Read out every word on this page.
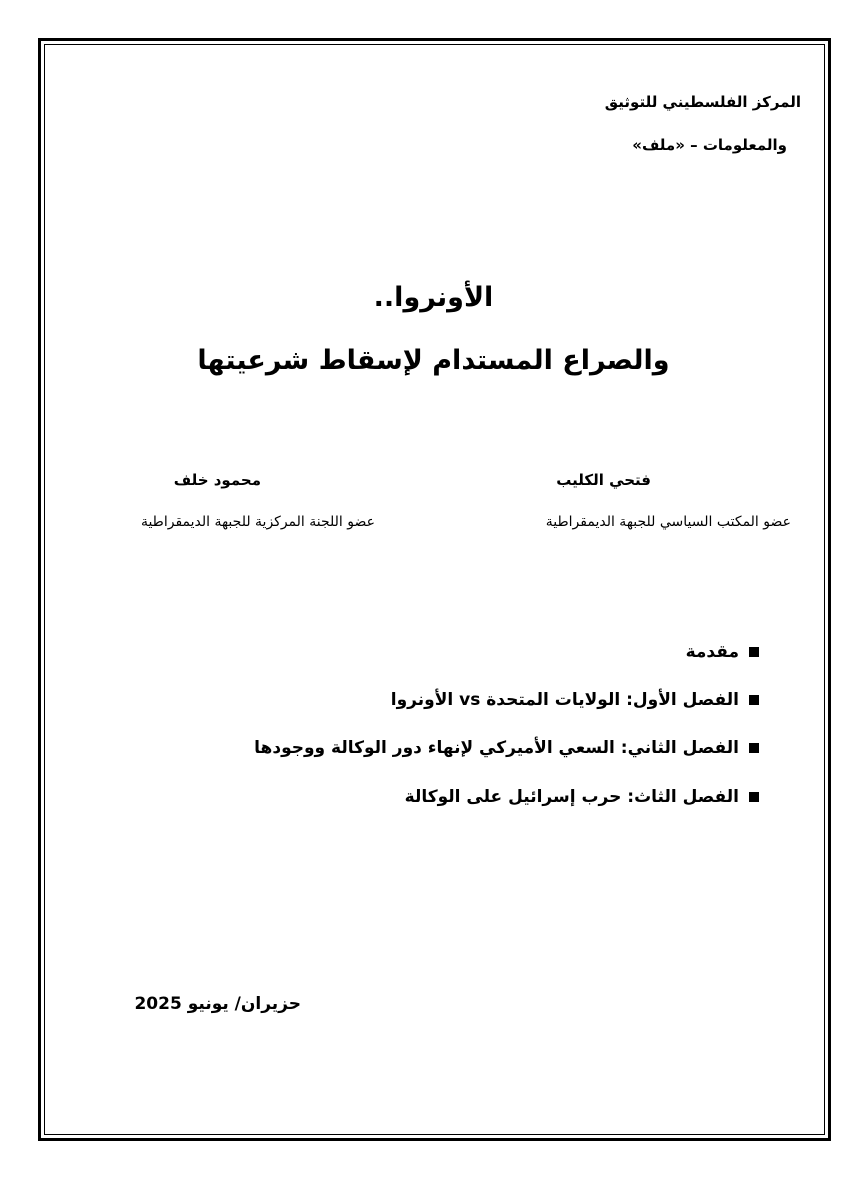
المركز الفلسطيني للتوثيق
والمعلومات – «ملف»
الأونروا..
والصراع المستدام لإسقاط شرعيتها
فتحي الكليب
عضو المكتب السياسي للجبهة الديمقراطية
محمود خلف
عضو اللجنة المركزية للجبهة الديمقراطية
مقدمة
الفصل الأول: الولايات المتحدة vs الأونروا
الفصل الثاني: السعي الأميركي لإنهاء دور الوكالة ووجودها
الفصل الثاث: حرب إسرائيل على الوكالة
حزيران/ يونيو 2025
